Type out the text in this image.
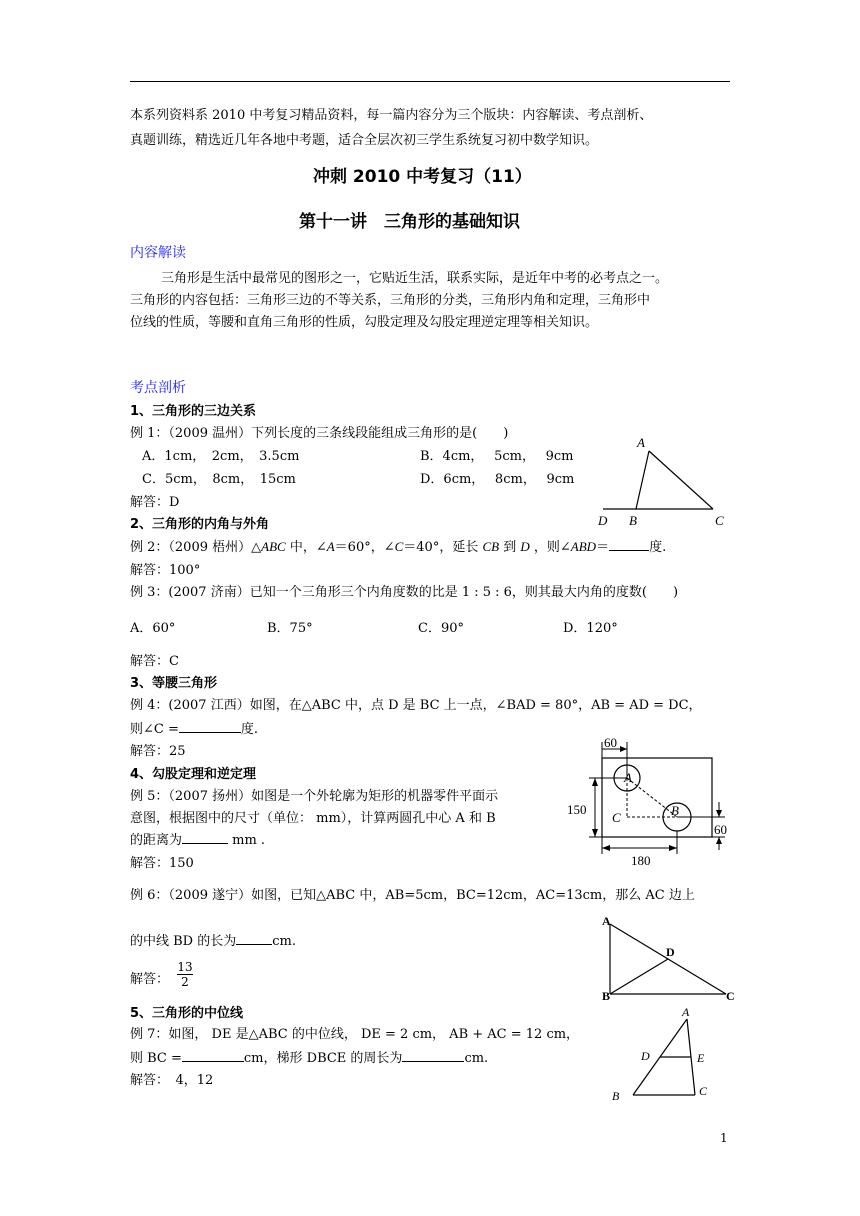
本系列资料系 2010 中考复习精品资料，每一篇内容分为三个版块：内容解读、考点剖析、
真题训练，精选近几年各地中考题，适合全层次初三学生系统复习初中数学知识。
冲刺 2010 中考复习（11）
第十一讲　三角形的基础知识
内容解读
三角形是生活中最常见的图形之一，它贴近生活，联系实际，是近年中考的必考点之一。
三角形的内容包括：三角形三边的不等关系，三角形的分类，三角形内角和定理，三角形中
位线的性质，等腰和直角三角形的性质，勾股定理及勾股定理逆定理等相关知识。
考点剖析
1、三角形的三边关系
例 1：（2009 温州）下列长度的三条线段能组成三角形的是(　　)
A．1cm，　2cm，　3.5cm	B．4cm，　 5cm，　 9cm
C．5cm，　8cm，　15cm	D．6cm，　 8cm，　 9cm
解答：D
A
D B	C
2、三角形的内角与外角
例 2：（2009 梧州）△ABC 中，∠A＝60°，∠C＝40°，延长 CB 到 D ，则∠ABD＝	度.
解答：100°
例 3：(2007 济南）已知一个三角形三个内角度数的比是 1 : 5 : 6，则其最大内角的度数(　　)
A．60°	B．75°	C．90°	D．120°
解答：C
3、等腰三角形
例 4：(2007 江西）如图，在△ABC 中，点 D 是 BC 上一点，∠BAD = 80°，AB = AD = DC，
则∠C =	度.
解答：25
4、勾股定理和逆定理
例 5：（2007 扬州）如图是一个外轮廓为矩形的机器零件平面示
意图，根据图中的尺寸（单位： mm），计算两圆孔中心 A 和 B
的距离为	mm .
解答：150
60
150
A
B
C
60
180
例 6：（2009 遂宁）如图，已知△ABC 中，AB=5cm，BC=12cm，AC=13cm，那么 AC 边上
的中线 BD 的长为	cm.
解答：
13
2
A
B	C
D
5、三角形的中位线
例 7：如图， DE 是△ABC 的中位线， DE = 2 cm， AB + AC = 12 cm，
则 BC =	cm，梯形 DBCE 的周长为	cm.
解答：　4，12
A
D	E
B	C
1
